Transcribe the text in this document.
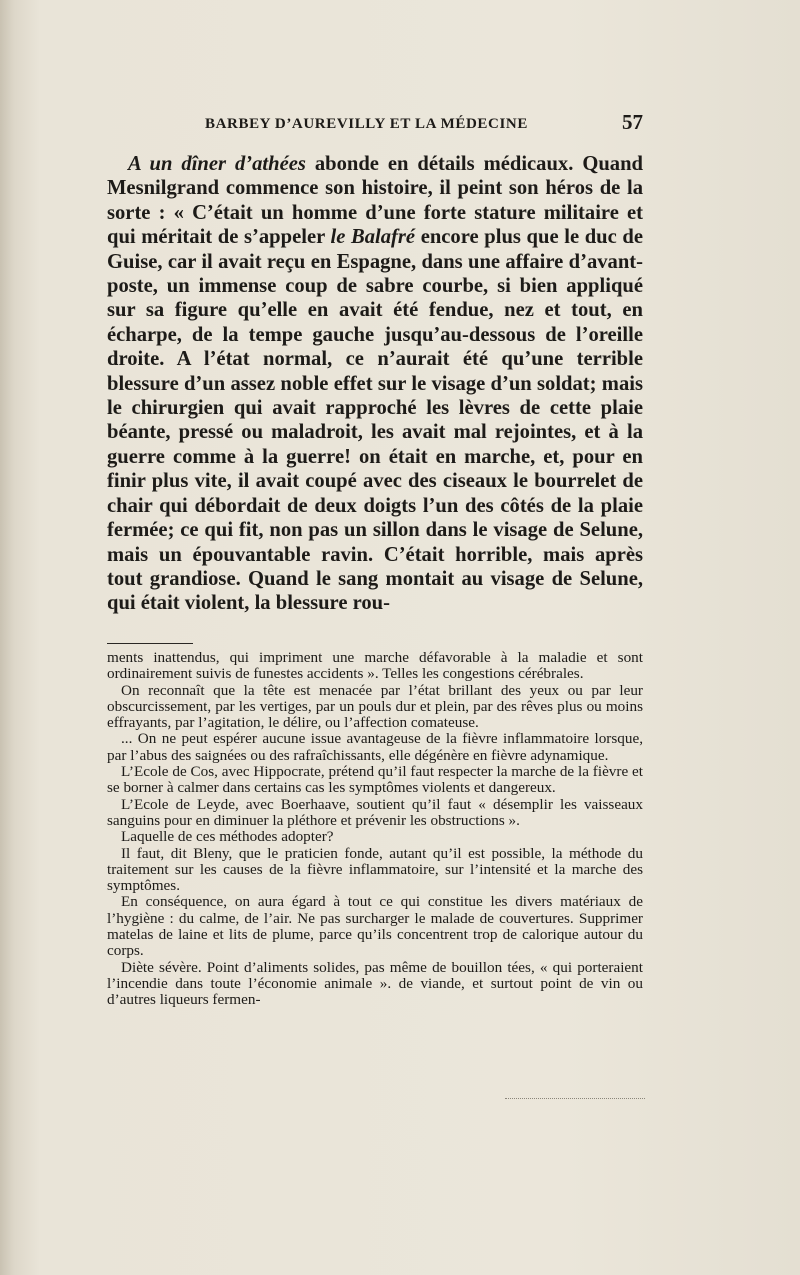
BARBEY D’AUREVILLY ET LA MÉDECINE	57

A un dîner d’athées abonde en détails médicaux. Quand Mesnilgrand commence son histoire, il peint son héros de la sorte : « C’était un homme d’une forte stature militaire et qui méritait de s’appeler le Balafré encore plus que le duc de Guise, car il avait reçu en Espagne, dans une affaire d’avant-poste, un immense coup de sabre courbe, si bien appliqué sur sa figure qu’elle en avait été fendue, nez et tout, en écharpe, de la tempe gauche jusqu’au-dessous de l’oreille droite. A l’état normal, ce n’aurait été qu’une terrible blessure d’un assez noble effet sur le visage d’un soldat; mais le chirurgien qui avait rapproché les lèvres de cette plaie béante, pressé ou maladroit, les avait mal rejointes, et à la guerre comme à la guerre! on était en marche, et, pour en finir plus vite, il avait coupé avec des ciseaux le bourrelet de chair qui débordait de deux doigts l’un des côtés de la plaie fermée; ce qui fit, non pas un sillon dans le visage de Selune, mais un épouvantable ravin. C’était horrible, mais après tout grandiose. Quand le sang montait au visage de Selune, qui était violent, la blessure rou-

ments inattendus, qui impriment une marche défavorable à la maladie et sont ordinairement suivis de funestes accidents ». Telles les congestions cérébrales.

On reconnaît que la tête est menacée par l’état brillant des yeux ou par leur obscurcissement, par les vertiges, par un pouls dur et plein, par des rêves plus ou moins effrayants, par l’agitation, le délire, ou l’affection comateuse.

... On ne peut espérer aucune issue avantageuse de la fièvre inflammatoire lorsque, par l’abus des saignées ou des rafraîchissants, elle dégénère en fièvre adynamique.

L’Ecole de Cos, avec Hippocrate, prétend qu’il faut respecter la marche de la fièvre et se borner à calmer dans certains cas les symptômes violents et dangereux.

L’Ecole de Leyde, avec Boerhaave, soutient qu’il faut « désemplir les vaisseaux sanguins pour en diminuer la pléthore et prévenir les obstructions ».

Laquelle de ces méthodes adopter?

Il faut, dit Bleny, que le praticien fonde, autant qu’il est possible, la méthode du traitement sur les causes de la fièvre inflammatoire, sur l’intensité et la marche des symptômes.

En conséquence, on aura égard à tout ce qui constitue les divers matériaux de l’hygiène : du calme, de l’air. Ne pas surcharger le malade de couvertures. Supprimer matelas de laine et lits de plume, parce qu’ils concentrent trop de calorique autour du corps.

Diète sévère. Point d’aliments solides, pas même de bouillon tées, « qui porteraient l’incendie dans toute l’économie animale ». de viande, et surtout point de vin ou d’autres liqueurs fermen-
